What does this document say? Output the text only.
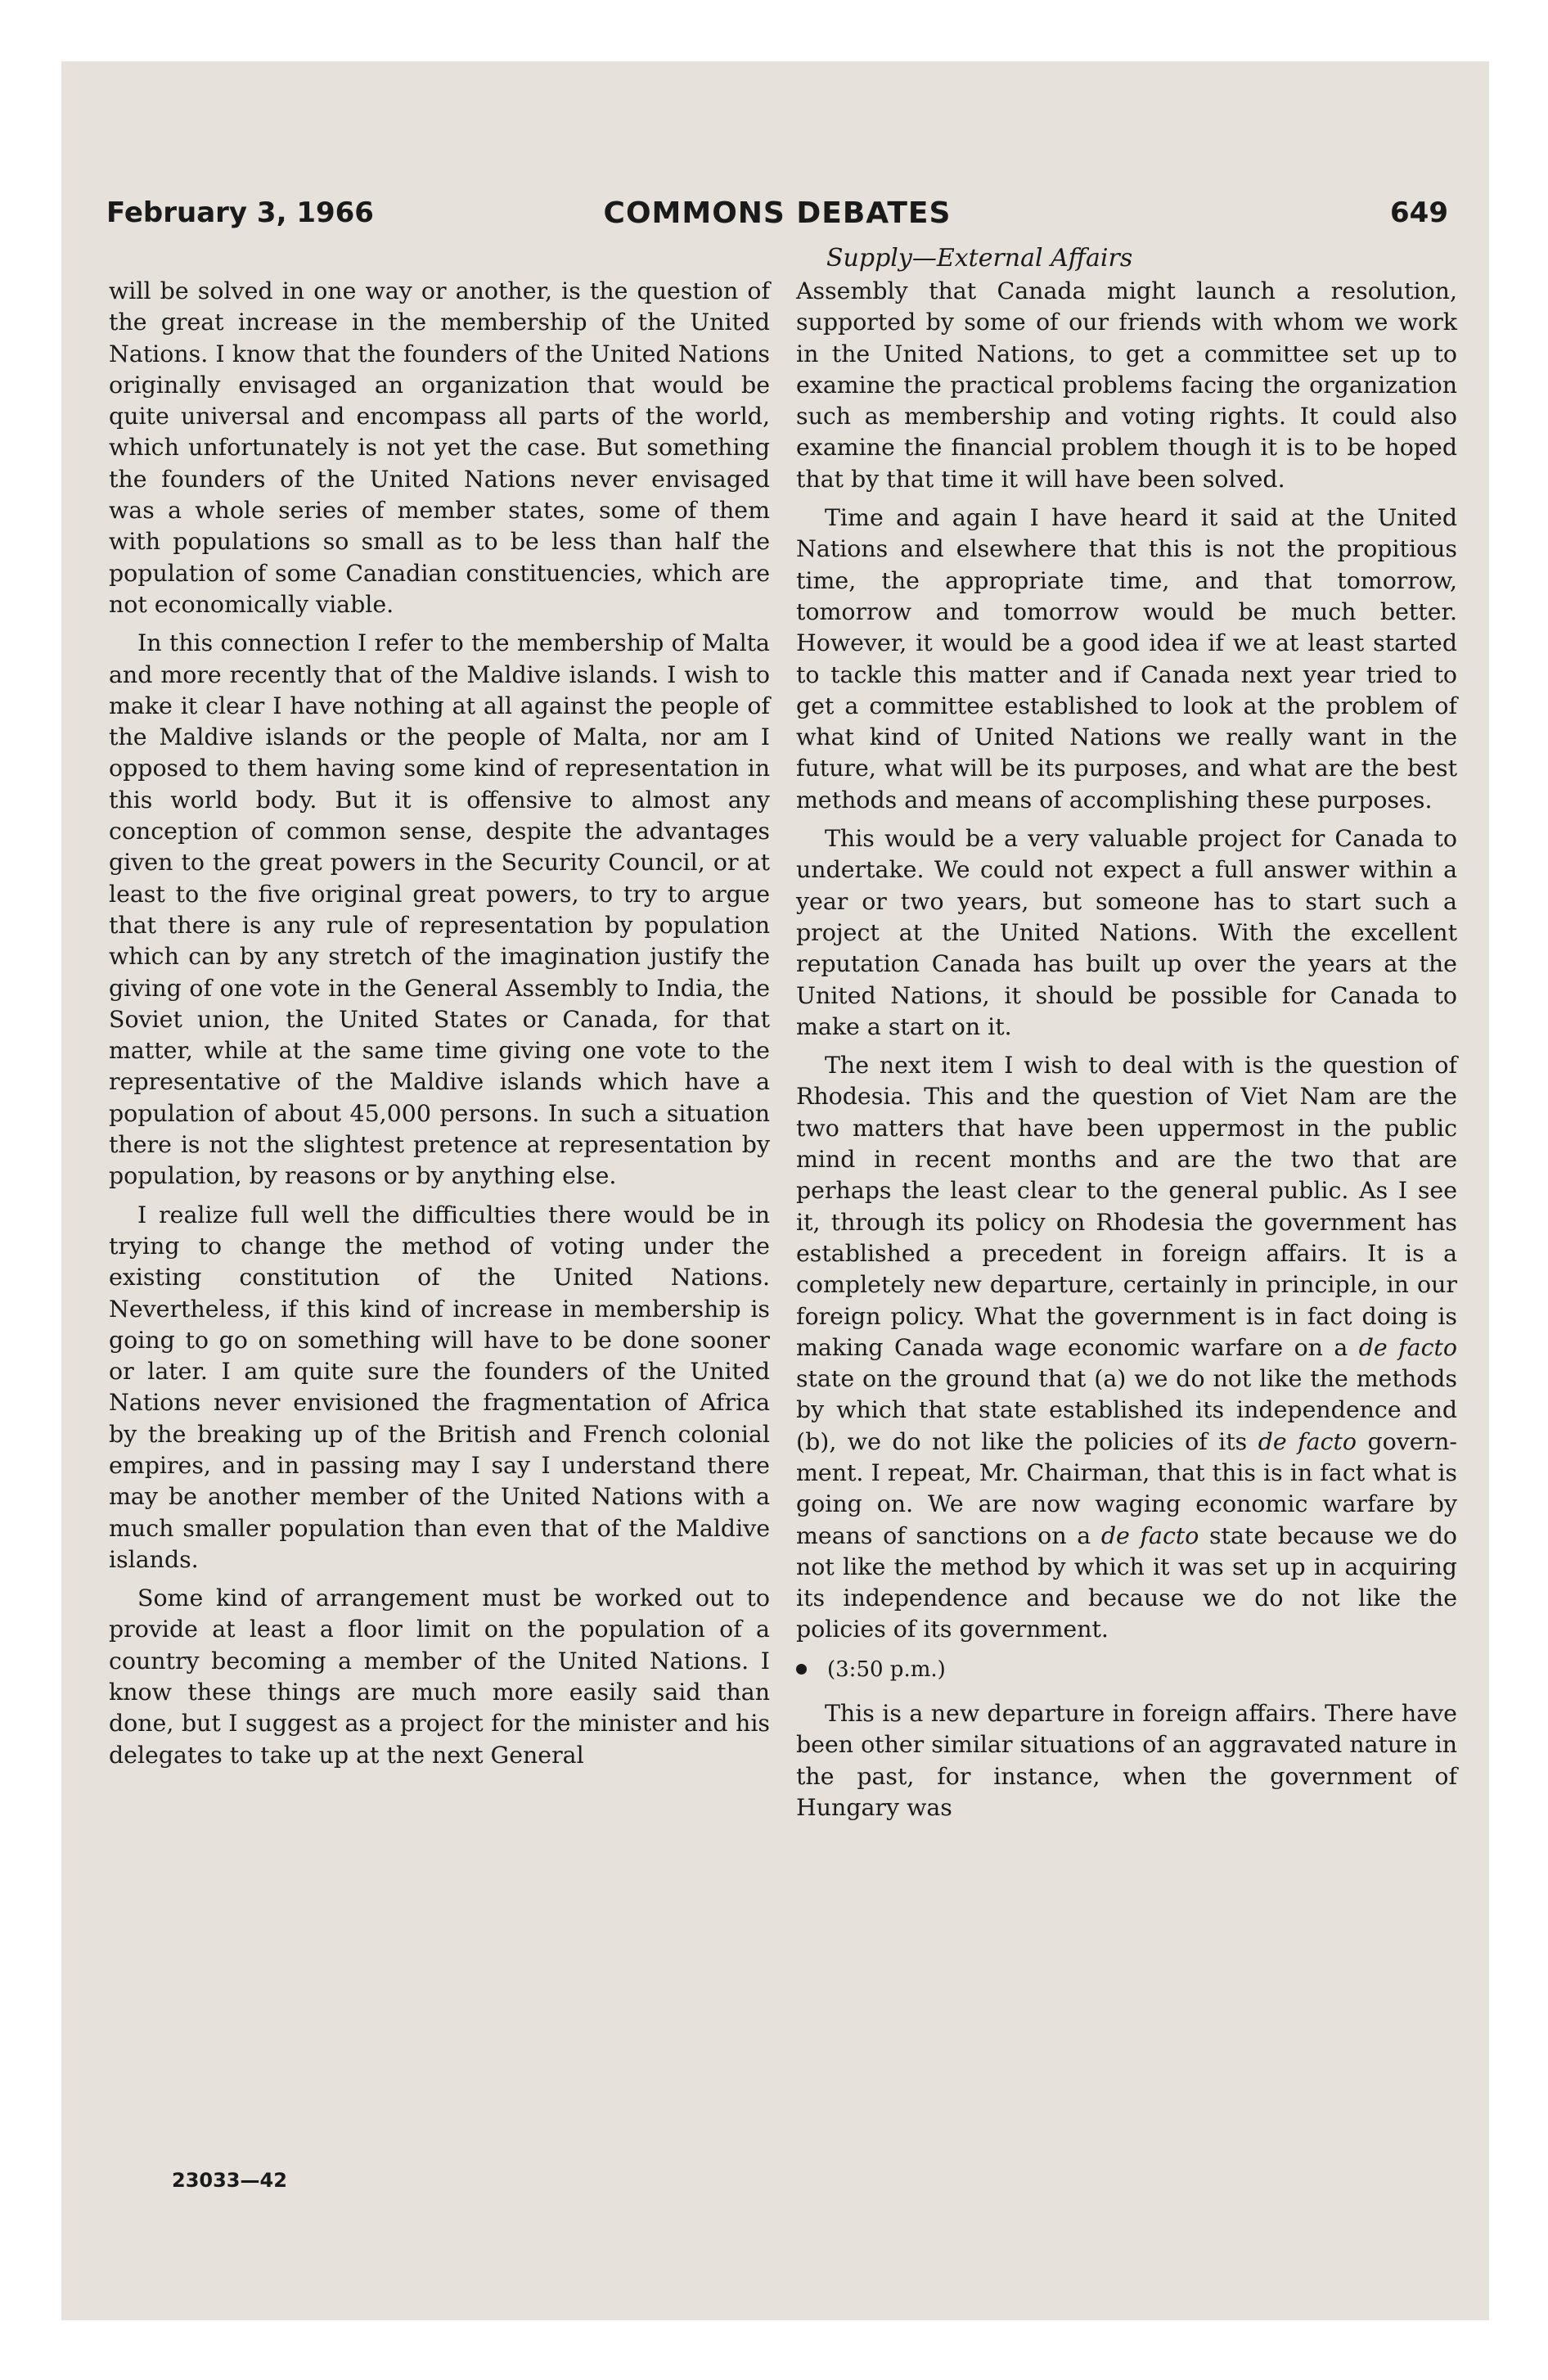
February 3, 1966	COMMONS DEBATES	649
Supply—External Affairs

will be solved in one way or another, is the question of the great increase in the membership of the United Nations. I know that the founders of the United Nations originally envisaged an organization that would be quite universal and encompass all parts of the world, which unfortunately is not yet the case. But something the founders of the United Nations never envisaged was a whole series of member states, some of them with populations so small as to be less than half the population of some Canadian constituencies, which are not economically viable.

In this connection I refer to the membership of Malta and more recently that of the Maldive islands. I wish to make it clear I have nothing at all against the people of the Maldive islands or the people of Malta, nor am I opposed to them having some kind of representation in this world body. But it is offensive to almost any conception of common sense, despite the advantages given to the great powers in the Security Council, or at least to the five original great powers, to try to argue that there is any rule of representation by population which can by any stretch of the imagination justify the giving of one vote in the General Assembly to India, the Soviet union, the United States or Canada, for that matter, while at the same time giving one vote to the representative of the Maldive islands which have a population of about 45,000 persons. In such a situation there is not the slightest pretence at representation by population, by reasons or by anything else.

I realize full well the difficulties there would be in trying to change the method of voting under the existing constitution of the United Nations. Nevertheless, if this kind of increase in membership is going to go on something will have to be done sooner or later. I am quite sure the founders of the United Nations never envisioned the fragmentation of Africa by the breaking up of the British and French colonial empires, and in passing may I say I understand there may be another member of the United Nations with a much smaller population than even that of the Maldive islands.

Some kind of arrangement must be worked out to provide at least a floor limit on the population of a country becoming a member of the United Nations. I know these things are much more easily said than done, but I suggest as a project for the minister and his delegates to take up at the next General

Assembly that Canada might launch a resolution, supported by some of our friends with whom we work in the United Nations, to get a committee set up to examine the practical problems facing the organization such as membership and voting rights. It could also examine the financial problem though it is to be hoped that by that time it will have been solved.

Time and again I have heard it said at the United Nations and elsewhere that this is not the propitious time, the appropriate time, and that tomorrow, tomorrow and tomorrow would be much better. However, it would be a good idea if we at least started to tackle this matter and if Canada next year tried to get a committee established to look at the problem of what kind of United Nations we really want in the future, what will be its purposes, and what are the best methods and means of accomplishing these purposes.

This would be a very valuable project for Canada to undertake. We could not expect a full answer within a year or two years, but someone has to start such a project at the United Nations. With the excellent reputation Canada has built up over the years at the United Nations, it should be possible for Canada to make a start on it.

The next item I wish to deal with is the question of Rhodesia. This and the question of Viet Nam are the two matters that have been uppermost in the public mind in recent months and are the two that are perhaps the least clear to the general public. As I see it, through its policy on Rhodesia the government has established a precedent in foreign affairs. It is a completely new departure, certainly in principle, in our foreign policy. What the government is in fact doing is making Canada wage economic warfare on a de facto state on the ground that (a) we do not like the methods by which that state established its independence and (b), we do not like the policies of its de facto government. I repeat, Mr. Chairman, that this is in fact what is going on. We are now waging economic warfare by means of sanctions on a de facto state because we do not like the method by which it was set up in acquiring its independence and because we do not like the policies of its government.

(3:50 p.m.)

This is a new departure in foreign affairs. There have been other similar situations of an aggravated nature in the past, for instance, when the government of Hungary was

23033—42
